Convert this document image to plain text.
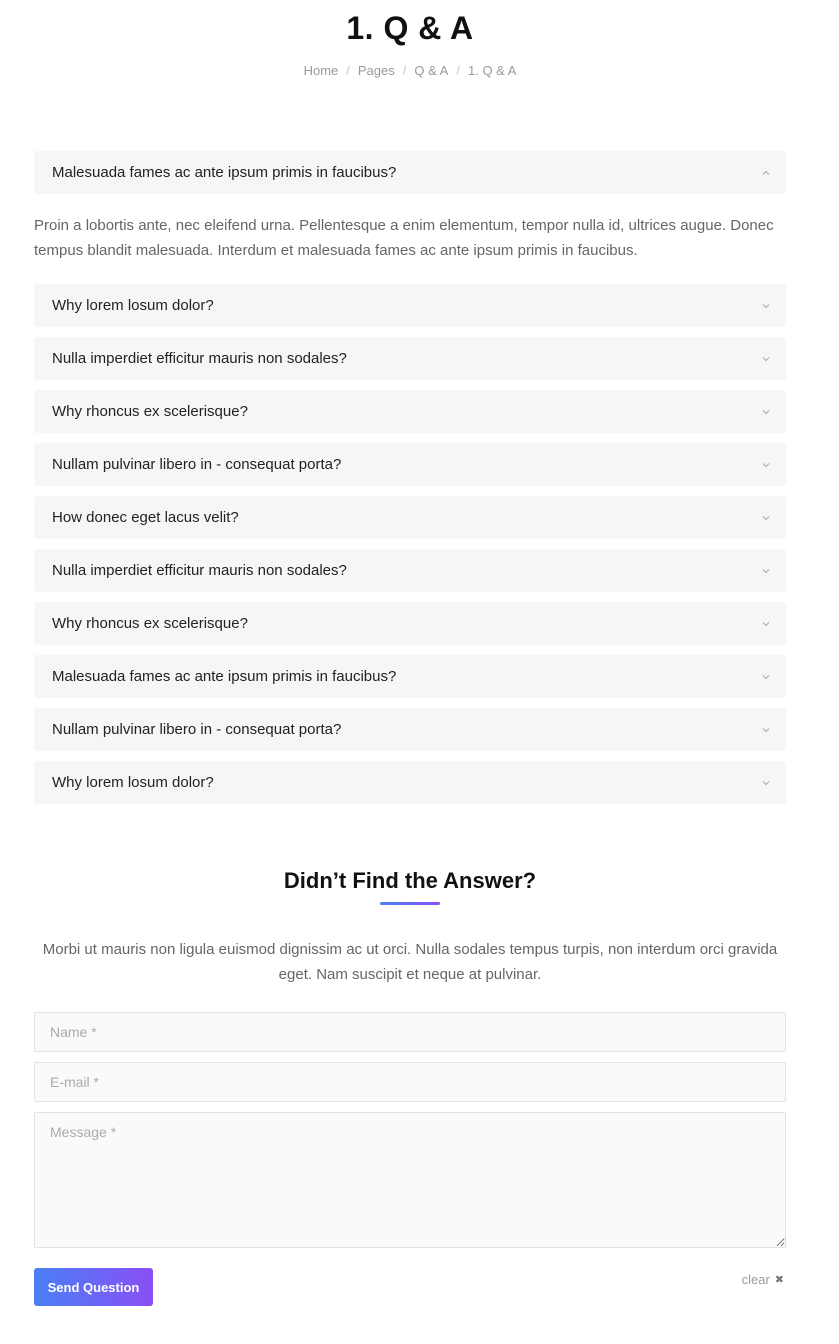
1. Q & A
Home / Pages / Q & A / 1. Q & A
Malesuada fames ac ante ipsum primis in faucibus?
Proin a lobortis ante, nec eleifend urna. Pellentesque a enim elementum, tempor nulla id, ultrices augue. Donec tempus blandit malesuada. Interdum et malesuada fames ac ante ipsum primis in faucibus.
Why lorem losum dolor?
Nulla imperdiet efficitur mauris non sodales?
Why rhoncus ex scelerisque?
Nullam pulvinar libero in - consequat porta?
How donec eget lacus velit?
Nulla imperdiet efficitur mauris non sodales?
Why rhoncus ex scelerisque?
Malesuada fames ac ante ipsum primis in faucibus?
Nullam pulvinar libero in - consequat porta?
Why lorem losum dolor?
Didn’t Find the Answer?

Morbi ut mauris non ligula euismod dignissim ac ut orci. Nulla sodales tempus turpis, non interdum orci gravida eget. Nam suscipit et neque at pulvinar.

Name *
E-mail *
Message *
Send Question	clear ✖
